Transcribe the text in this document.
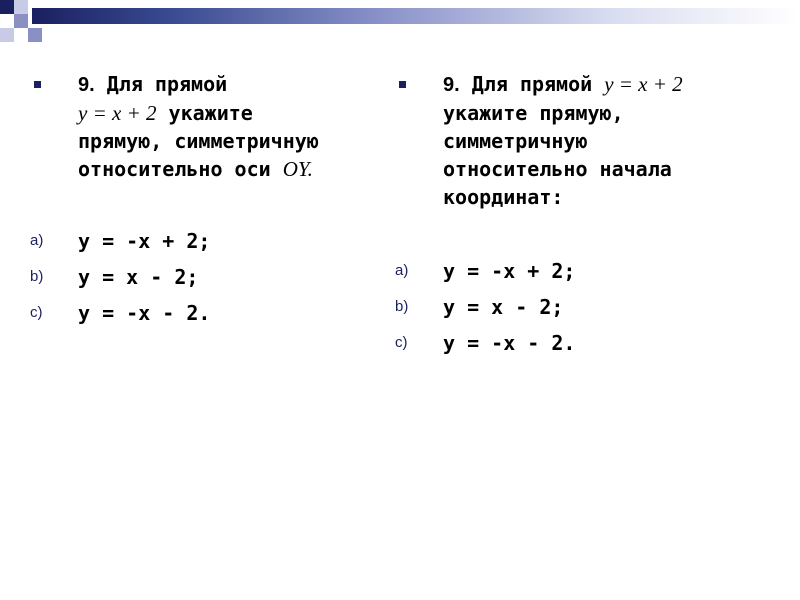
9. Для прямой
y = x + 2 укажите
прямую, симметричную
относительно оси OY.
a) y = -x + 2;
b) y = x - 2;
c) y = -x - 2.
9. Для прямой y = x + 2
укажите прямую,
симметричную
относительно начала
координат:
a) y = -x + 2;
b) y = x - 2;
c) y = -x - 2.
